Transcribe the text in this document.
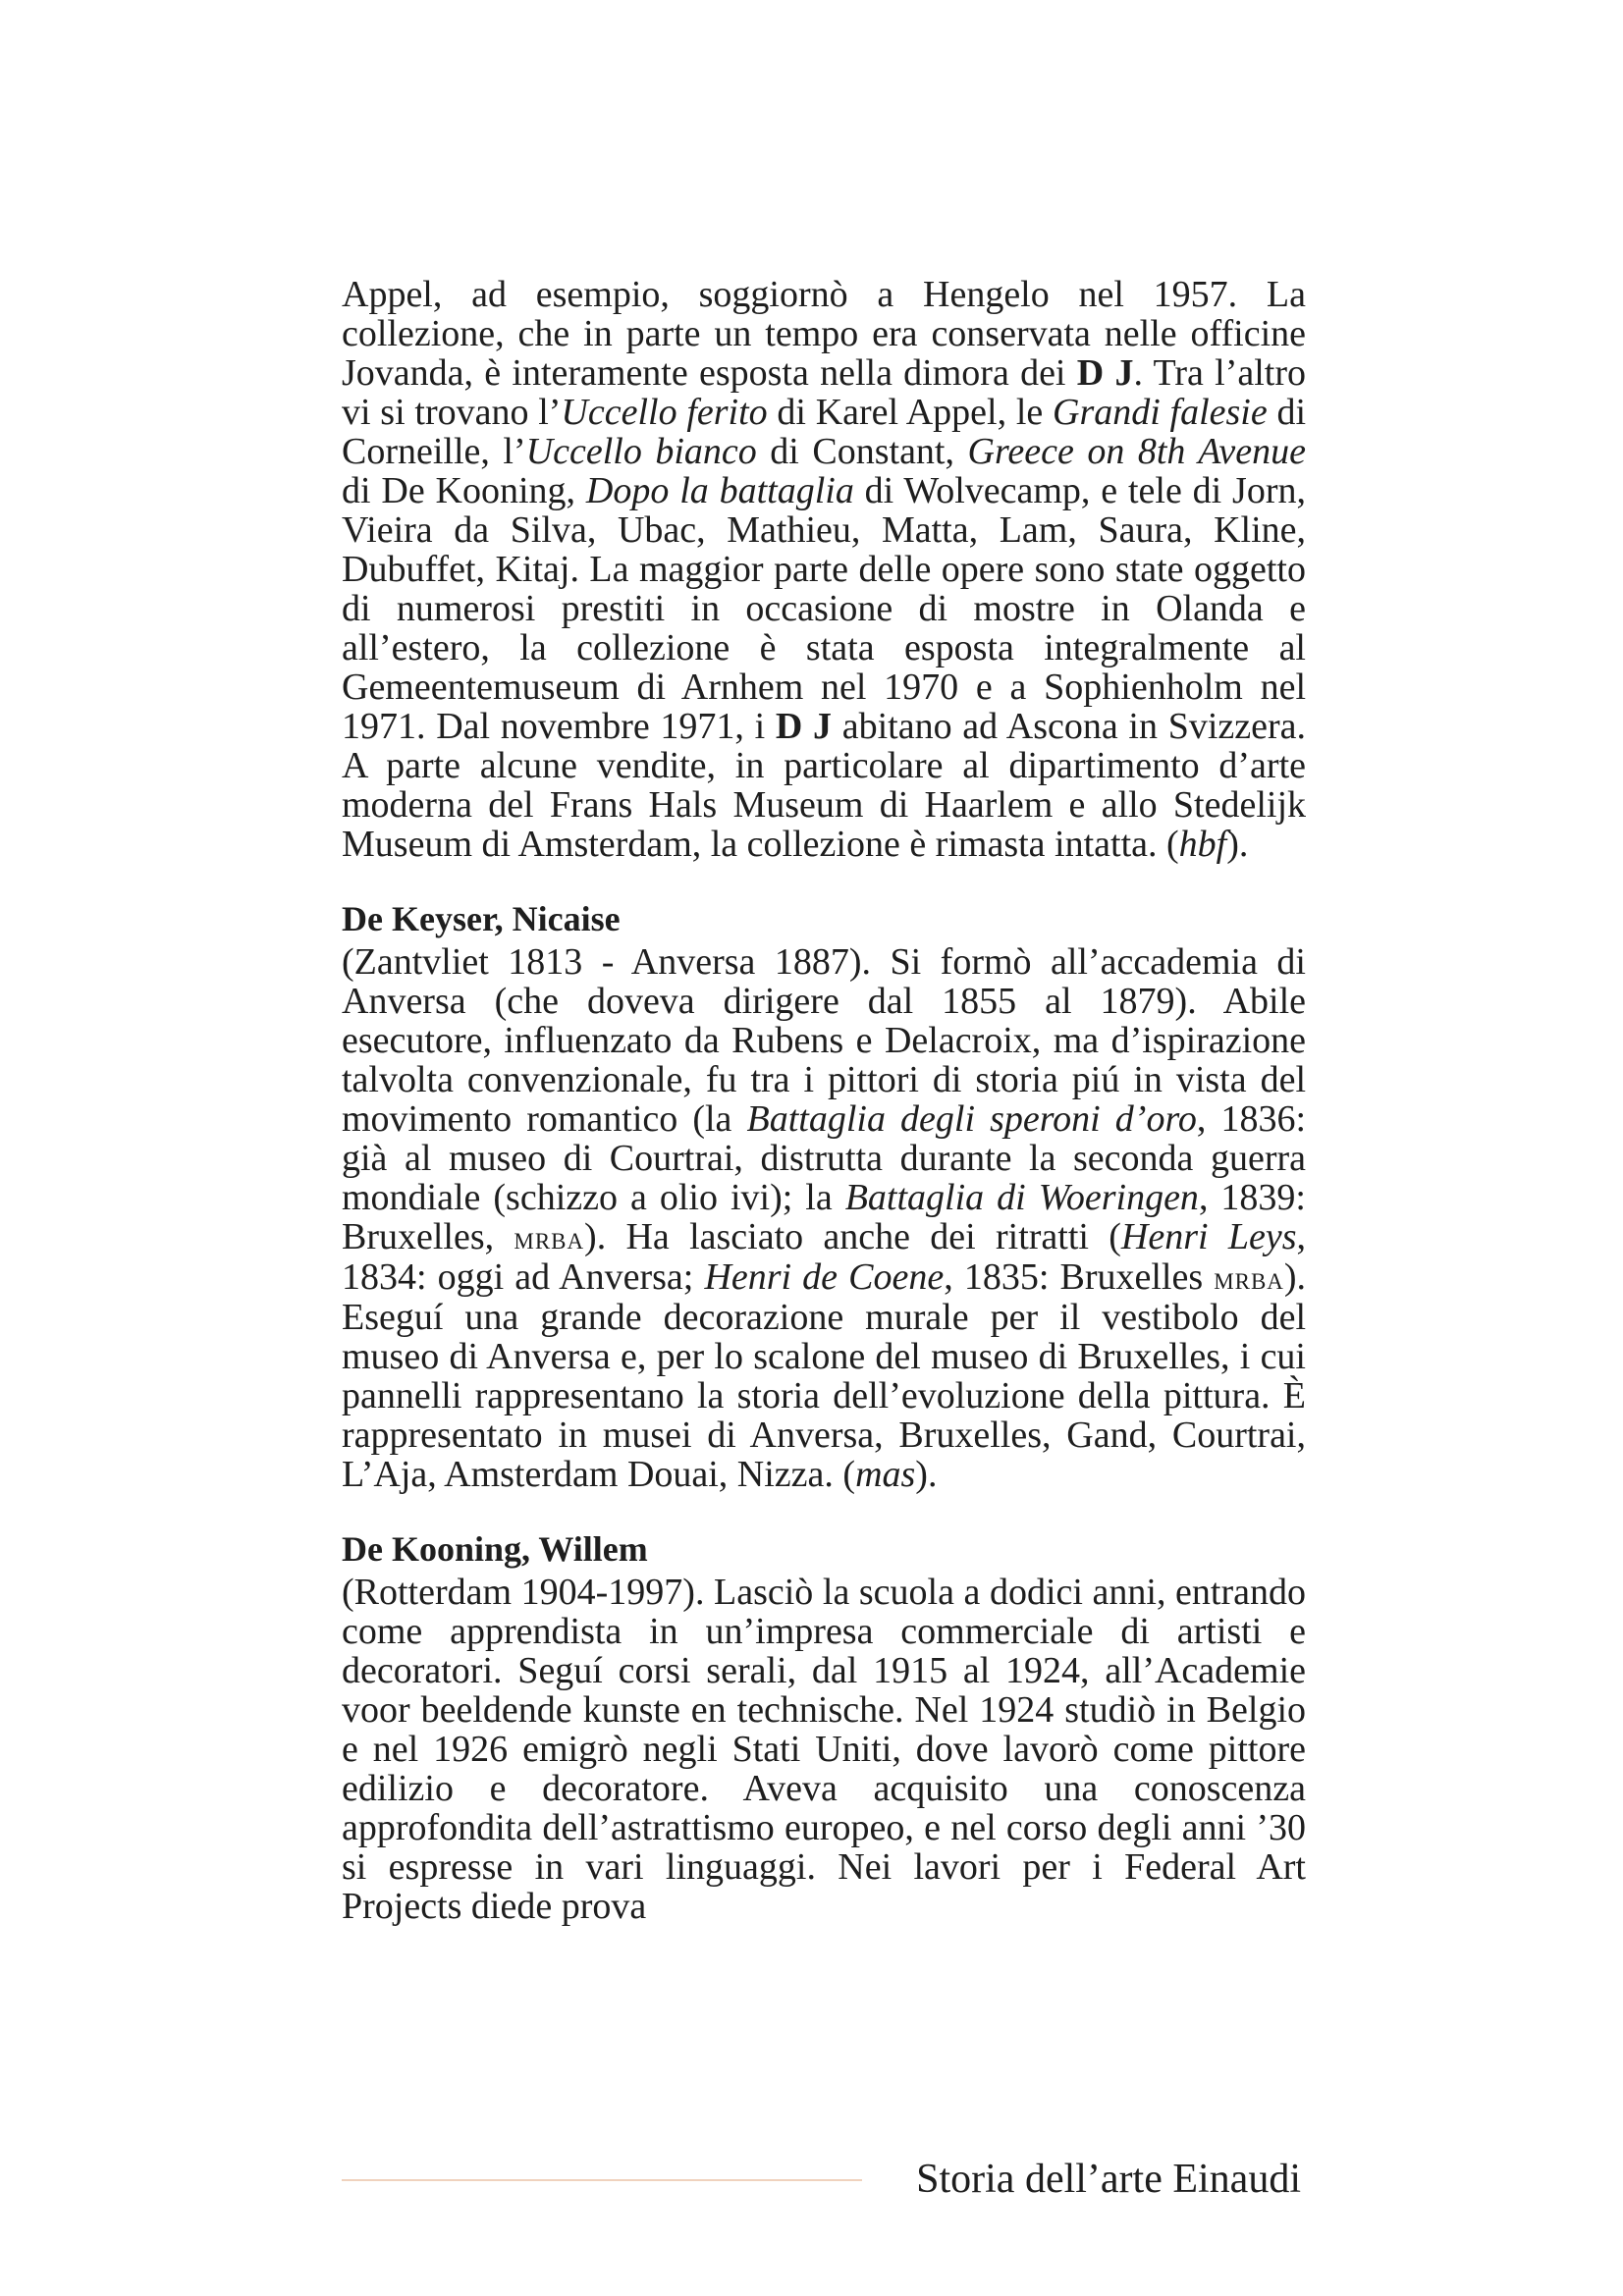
Appel, ad esempio, soggiornò a Hengelo nel 1957. La collezione, che in parte un tempo era conservata nelle officine Jovanda, è interamente esposta nella dimora dei D J. Tra l’altro vi si trovano l’Uccello ferito di Karel Appel, le Grandi falesie di Corneille, l’Uccello bianco di Constant, Greece on 8th Avenue di De Kooning, Dopo la battaglia di Wolvecamp, e tele di Jorn, Vieira da Silva, Ubac, Mathieu, Matta, Lam, Saura, Kline, Dubuffet, Kitaj. La maggior parte delle opere sono state oggetto di numerosi prestiti in occasione di mostre in Olanda e all’estero, la collezione è stata esposta integralmente al Gemeentemuseum di Arnhem nel 1970 e a Sophienholm nel 1971. Dal novembre 1971, i D J abitano ad Ascona in Svizzera. A parte alcune vendite, in particolare al dipartimento d’arte moderna del Frans Hals Museum di Haarlem e allo Stedelijk Museum di Amsterdam, la collezione è rimasta intatta. (hbf).

De Keyser, Nicaise

(Zantvliet 1813 - Anversa 1887). Si formò all’accademia di Anversa (che doveva dirigere dal 1855 al 1879). Abile esecutore, influenzato da Rubens e Delacroix, ma d’ispirazione talvolta convenzionale, fu tra i pittori di storia piú in vista del movimento romantico (la Battaglia degli speroni d’oro, 1836: già al museo di Courtrai, distrutta durante la seconda guerra mondiale (schizzo a olio ivi); la Battaglia di Woeringen, 1839: Bruxelles, mrba). Ha lasciato anche dei ritratti (Henri Leys, 1834: oggi ad Anversa; Henri de Coene, 1835: Bruxelles mrba). Eseguí una grande decorazione murale per il vestibolo del museo di Anversa e, per lo scalone del museo di Bruxelles, i cui pannelli rappresentano la storia dell’evoluzione della pittura. È rappresentato in musei di Anversa, Bruxelles, Gand, Courtrai, L’Aja, Amsterdam Douai, Nizza. (mas).

De Kooning, Willem

(Rotterdam 1904-1997). Lasciò la scuola a dodici anni, entrando come apprendista in un’impresa commerciale di artisti e decoratori. Seguí corsi serali, dal 1915 al 1924, all’Academie voor beeldende kunste en technische. Nel 1924 studiò in Belgio e nel 1926 emigrò negli Stati Uniti, dove lavorò come pittore edilizio e decoratore. Aveva acquisito una conoscenza approfondita dell’astrattismo europeo, e nel corso degli anni ’30 si espresse in vari linguaggi. Nei lavori per i Federal Art Projects diede prova

Storia dell’arte Einaudi
